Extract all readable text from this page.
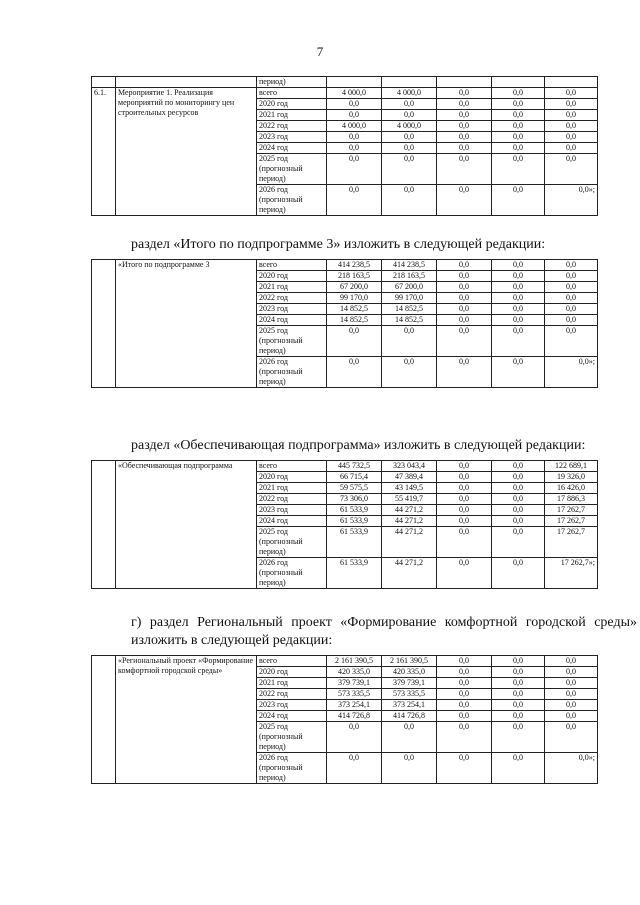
7
		период)					
6.1.	Мероприятие 1. Реализация мероприятий по мониторингу цен строительных ресурсов	всего	4 000,0	4 000,0	0,0	0,0	0,0
		2020 год	0,0	0,0	0,0	0,0	0,0
		2021 год	0,0	0,0	0,0	0,0	0,0
		2022 год	4 000,0	4 000,0	0,0	0,0	0,0
		2023 год	0,0	0,0	0,0	0,0	0,0
		2024 год	0,0	0,0	0,0	0,0	0,0
		2025 год (прогнозный период)	0,0	0,0	0,0	0,0	0,0
		2026 год (прогнозный период)	0,0	0,0	0,0	0,0	0,0»;
раздел «Итого по подпрограмме 3» изложить в следующей редакции:
	«Итого по подпрограмме 3	всего	414 238,5	414 238,5	0,0	0,0	0,0
		2020 год	218 163,5	218 163,5	0,0	0,0	0,0
		2021 год	67 200,0	67 200,0	0,0	0,0	0,0
		2022 год	99 170,0	99 170,0	0,0	0,0	0,0
		2023 год	14 852,5	14 852,5	0,0	0,0	0,0
		2024 год	14 852,5	14 852,5	0,0	0,0	0,0
		2025 год (прогнозный период)	0,0	0,0	0,0	0,0	0,0
		2026 год (прогнозный период)	0,0	0,0	0,0	0,0	0,0»;
раздел «Обеспечивающая подпрограмма» изложить в следующей редакции:
	«Обеспечивающая подпрограмма	всего	445 732,5	323 043,4	0,0	0,0	122 689,1
		2020 год	66 715,4	47 389,4	0,0	0,0	19 326,0
		2021 год	59 575,5	43 149,5	0,0	0,0	16 426,0
		2022 год	73 306,0	55 419,7	0,0	0,0	17 886,3
		2023 год	61 533,9	44 271,2	0,0	0,0	17 262,7
		2024 год	61 533,9	44 271,2	0,0	0,0	17 262,7
		2025 год (прогнозный период)	61 533,9	44 271,2	0,0	0,0	17 262,7
		2026 год (прогнозный период)	61 533,9	44 271,2	0,0	0,0	17 262,7»;
г) раздел Региональный проект «Формирование комфортной городской среды» изложить в следующей редакции:
	«Региональный проект «Формирование комфортной городской среды»	всего	2 161 390,5	2 161 390,5	0,0	0,0	0,0
		2020 год	420 335,0	420 335,0	0,0	0,0	0,0
		2021 год	379 739,1	379 739,1	0,0	0,0	0,0
		2022 год	573 335,5	573 335,5	0,0	0,0	0,0
		2023 год	373 254,1	373 254,1	0,0	0,0	0,0
		2024 год	414 726,8	414 726,8	0,0	0,0	0,0
		2025 год (прогнозный период)	0,0	0,0	0,0	0,0	0,0
		2026 год (прогнозный период)	0,0	0,0	0,0	0,0	0,0»;
